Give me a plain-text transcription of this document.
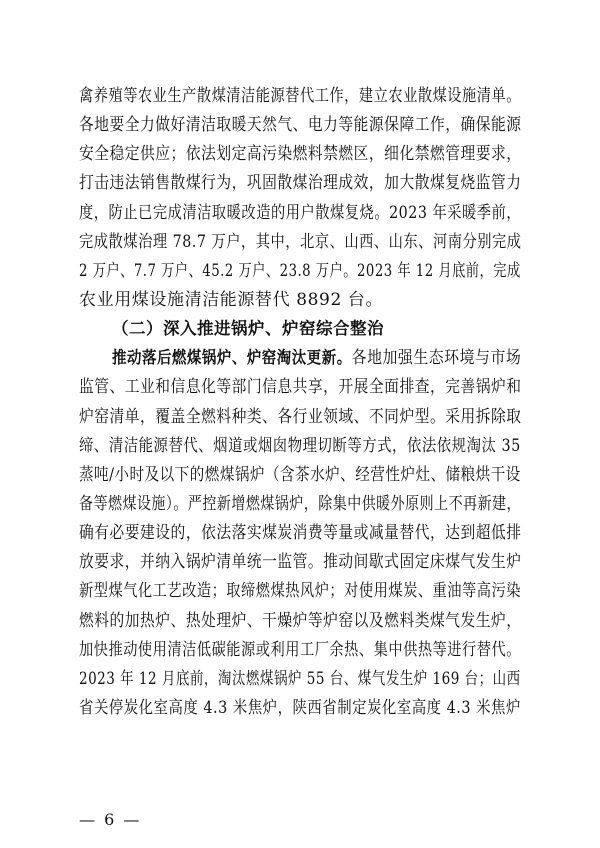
禽养殖等农业生产散煤清洁能源替代工作，建立农业散煤设施清单。
各地要全力做好清洁取暖天然气、电力等能源保障工作，确保能源
安全稳定供应；依法划定高污染燃料禁燃区，细化禁燃管理要求，
打击违法销售散煤行为，巩固散煤治理成效，加大散煤复烧监管力
度，防止已完成清洁取暖改造的用户散煤复烧。2023 年采暖季前，
完成散煤治理 78.7 万户，其中，北京、山西、山东、河南分别完成
2 万户、7.7 万户、45.2 万户、23.8 万户。2023 年 12 月底前，完成
农业用煤设施清洁能源替代 8892 台。
（二）深入推进锅炉、炉窑综合整治
推动落后燃煤锅炉、炉窑淘汰更新。各地加强生态环境与市场
监管、工业和信息化等部门信息共享，开展全面排查，完善锅炉和
炉窑清单，覆盖全燃料种类、各行业领域、不同炉型。采用拆除取
缔、清洁能源替代、烟道或烟囱物理切断等方式，依法依规淘汰 35
蒸吨/小时及以下的燃煤锅炉（含茶水炉、经营性炉灶、储粮烘干设
备等燃煤设施）。严控新增燃煤锅炉，除集中供暖外原则上不再新建，
确有必要建设的，依法落实煤炭消费等量或减量替代，达到超低排
放要求，并纳入锅炉清单统一监管。推动间歇式固定床煤气发生炉
新型煤气化工艺改造；取缔燃煤热风炉；对使用煤炭、重油等高污染
燃料的加热炉、热处理炉、干燥炉等炉窑以及燃料类煤气发生炉，
加快推动使用清洁低碳能源或利用工厂余热、集中供热等进行替代。
2023 年 12 月底前，淘汰燃煤锅炉 55 台、煤气发生炉 169 台；山西
省关停炭化室高度 4.3 米焦炉，陕西省制定炭化室高度 4.3 米焦炉
— 6 —
